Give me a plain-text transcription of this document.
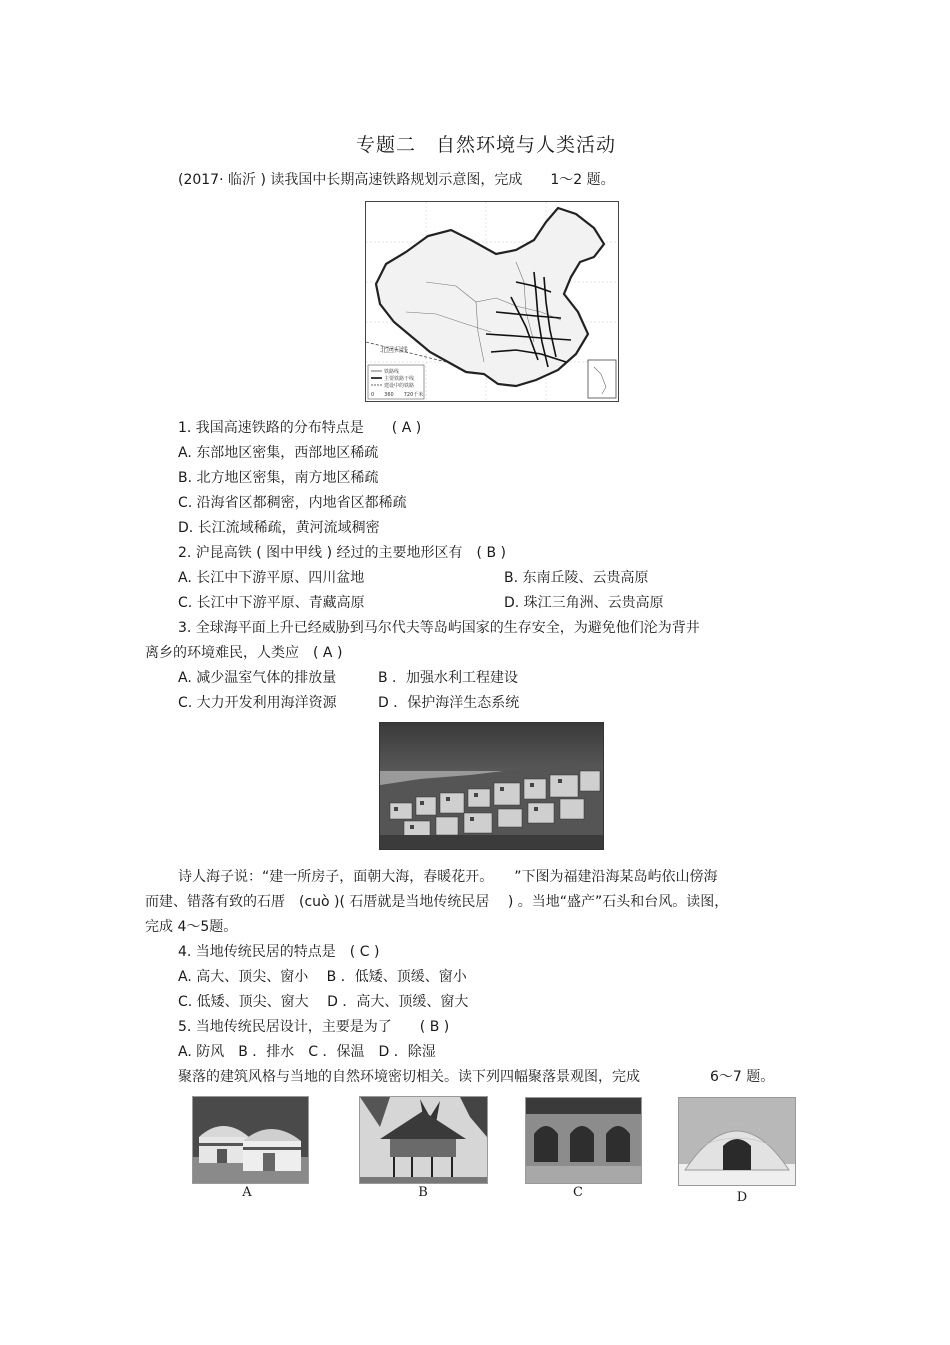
专题二　自然环境与人类活动
(2017· 临沂 ) 读我国中长期高速铁路规划示意图，完成　　1～2 题。
北回归线
铁路线
主要铁路干线
建设中的铁路
0　　360　　720千米
1. 我国高速铁路的分布特点是　　( A )
A. 东部地区密集，西部地区稀疏
B. 北方地区密集，南方地区稀疏
C. 沿海省区都稠密，内地省区都稀疏
D. 长江流域稀疏，黄河流域稠密
2. 沪昆高铁 ( 图中甲线 ) 经过的主要地形区有　( B )
A. 长江中下游平原、四川盆地	B. 东南丘陵、云贵高原
C. 长江中下游平原、青藏高原	D. 珠江三角洲、云贵高原
3. 全球海平面上升已经威胁到马尔代夫等岛屿国家的生存安全，为避免他们沦为背井
离乡的环境难民，人类应　( A )
A. 减少温室气体的排放量	B ．加强水利工程建设
C. 大力开发利用海洋资源	D ．保护海洋生态系统
诗人海子说：“建一所房子，面朝大海，春暖花开。　　”下图为福建沿海某岛屿依山傍海
而建、错落有致的石厝　(cuò )( 石厝就是当地传统民居　 ) 。当地“盛产”石头和台风。读图，
完成 4～5题。
4. 当地传统民居的特点是　( C )
A. 高大、顶尖、窗小　 B ．低矮、顶缓、窗小
C. 低矮、顶尖、窗大　 D ．高大、顶缓、窗大
5. 当地传统民居设计，主要是为了　　( B )
A. 防风　B ．排水　C ．保温　D ．除湿
聚落的建筑风格与当地的自然环境密切相关。读下列四幅聚落景观图，完成　　　　　6～7 题。
A	B	C	D
